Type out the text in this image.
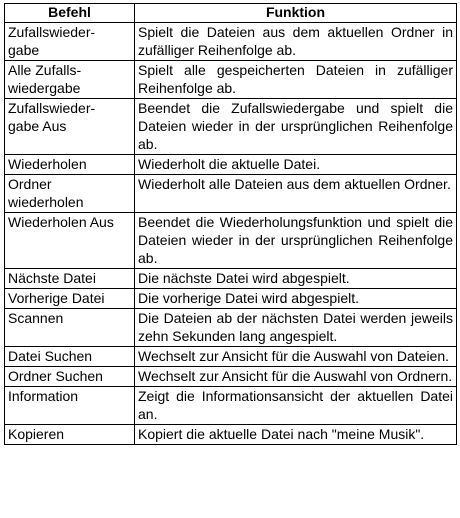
Befehl	Funktion
Zufallswieder-
gabe	Spielt die Dateien aus dem aktuellen Ordner in zufälliger Reihenfolge ab.
Alle Zufalls-
wiedergabe	Spielt alle gespeicherten Dateien in zufälliger Reihenfolge ab.
Zufallswieder-
gabe Aus	Beendet die Zufallswiedergabe und spielt die Dateien wieder in der ursprünglichen Reihenfolge ab.
Wiederholen	Wiederholt die aktuelle Datei.
Ordner
wiederholen	Wiederholt alle Dateien aus dem aktuellen Ordner.
Wiederholen Aus	Beendet die Wiederholungsfunktion und spielt die Dateien wieder in der ursprünglichen Reihenfolge ab.
Nächste Datei	Die nächste Datei wird abgespielt.
Vorherige Datei	Die vorherige Datei wird abgespielt.
Scannen	Die Dateien ab der nächsten Datei werden jeweils zehn Sekunden lang angespielt.
Datei Suchen	Wechselt zur Ansicht für die Auswahl von Dateien.
Ordner Suchen	Wechselt zur Ansicht für die Auswahl von Ordnern.
Information	Zeigt die Informationsansicht der aktuellen Datei an.
Kopieren	Kopiert die aktuelle Datei nach "meine Musik".
